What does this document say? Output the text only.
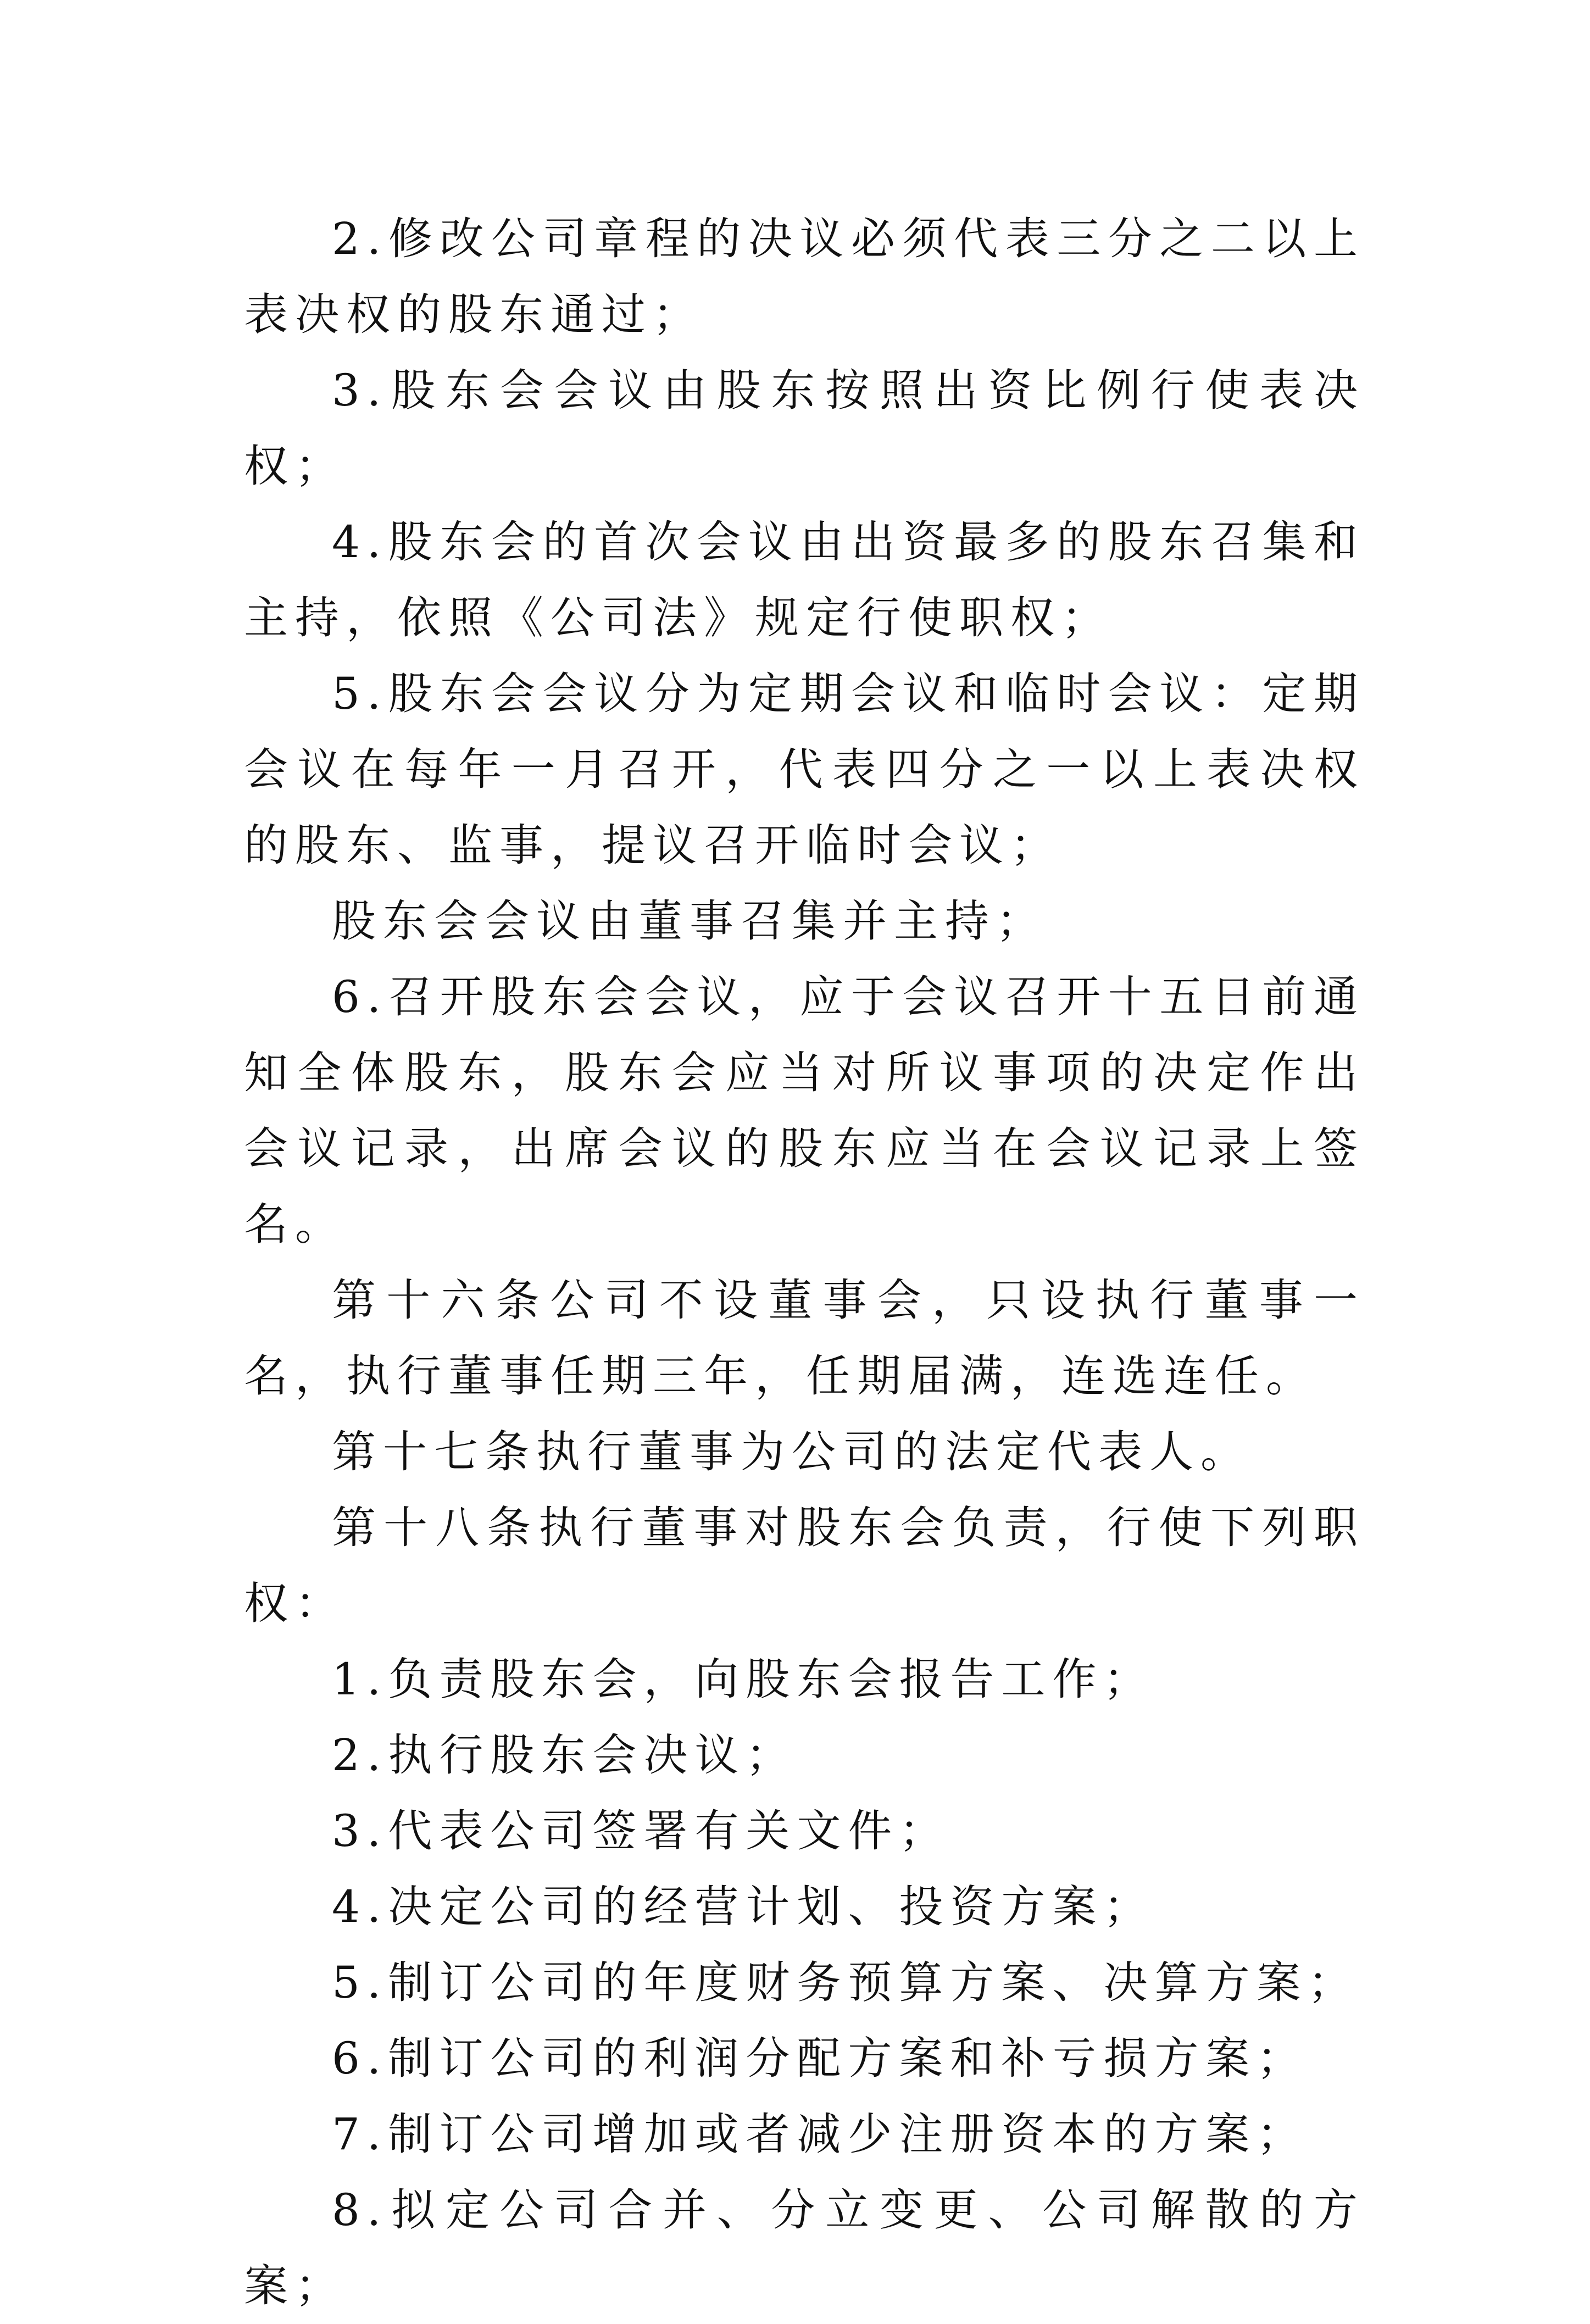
2.修改公司章程的决议必须代表三分之二以上表决权的股东通过；

3.股东会会议由股东按照出资比例行使表决权；

4.股东会的首次会议由出资最多的股东召集和主持，依照《公司法》规定行使职权；

5.股东会会议分为定期会议和临时会议：定期会议在每年一月召开，代表四分之一以上表决权的股东、监事，提议召开临时会议；

股东会会议由董事召集并主持；

6.召开股东会会议，应于会议召开十五日前通知全体股东，股东会应当对所议事项的决定作出会议记录，出席会议的股东应当在会议记录上签名。

第十六条公司不设董事会，只设执行董事一名，执行董事任期三年，任期届满，连选连任。

第十七条执行董事为公司的法定代表人。

第十八条执行董事对股东会负责，行使下列职权：

1.负责股东会，向股东会报告工作；

2.执行股东会决议；

3.代表公司签署有关文件；

4.决定公司的经营计划、投资方案；

5.制订公司的年度财务预算方案、决算方案；

6.制订公司的利润分配方案和补亏损方案；

7.制订公司增加或者减少注册资本的方案；

8.拟定公司合并、分立变更、公司解散的方案；
